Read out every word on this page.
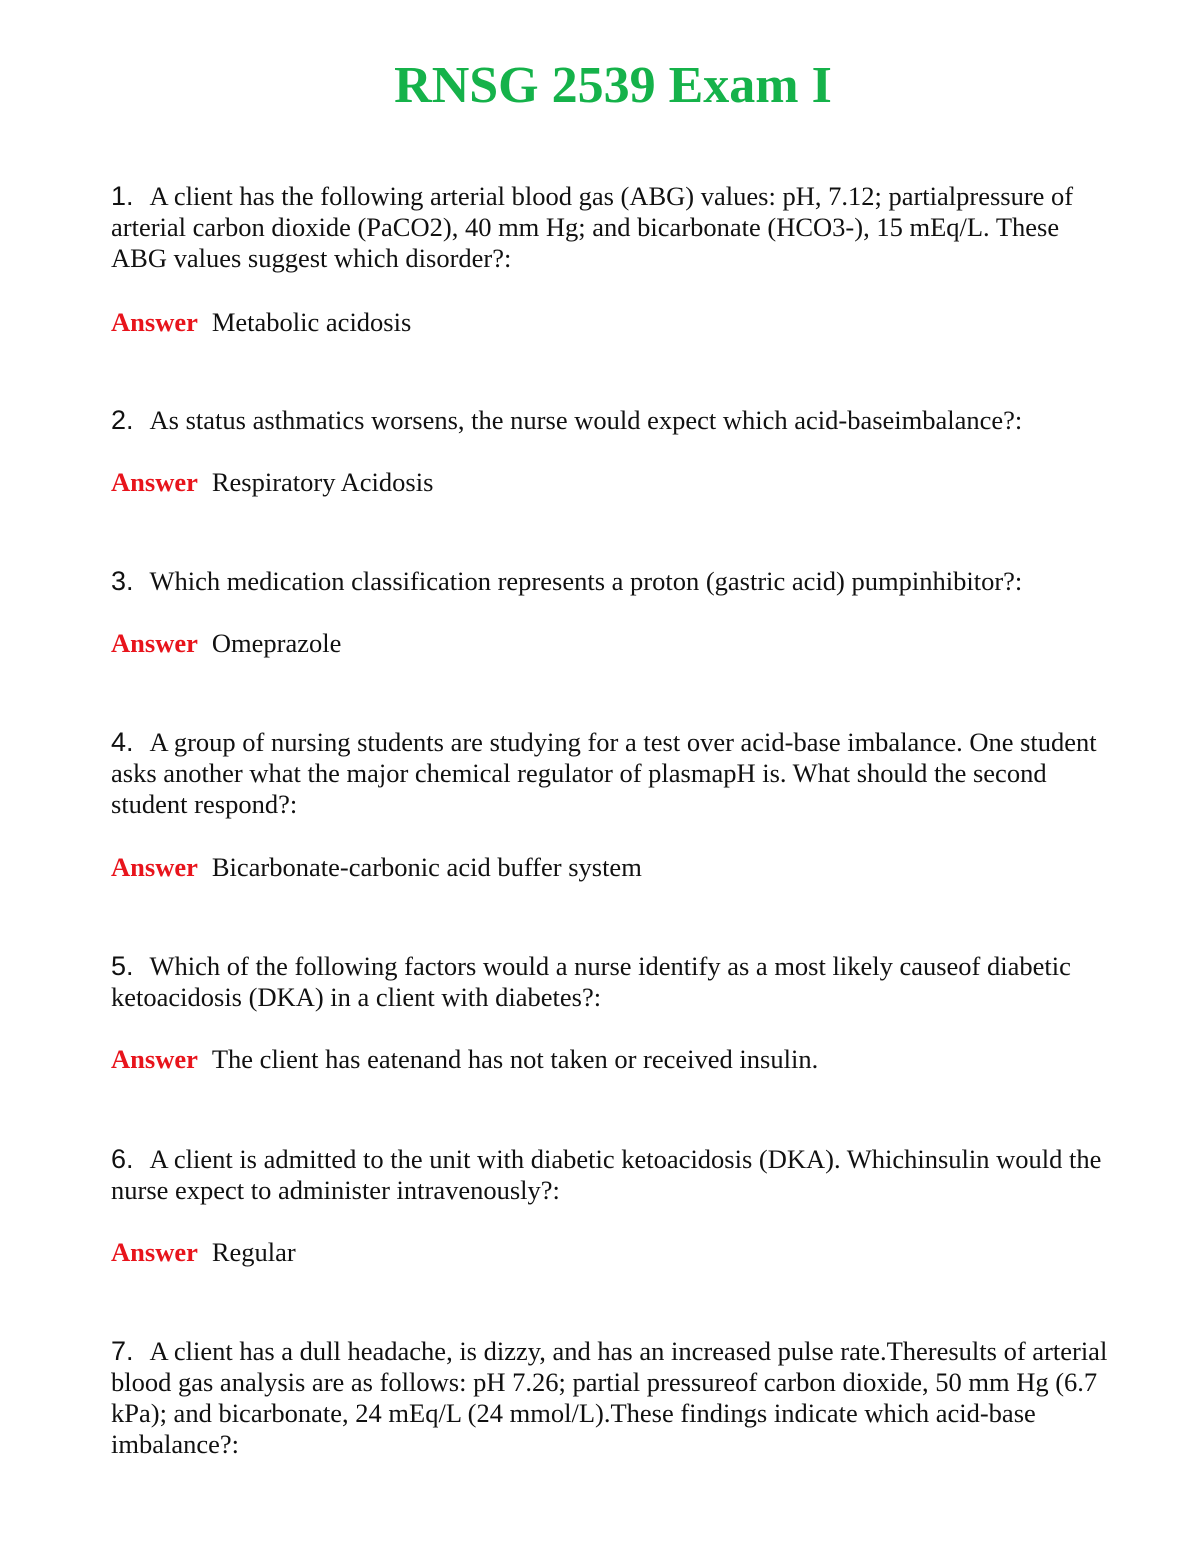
RNSG 2539 Exam I

1. A client has the following arterial blood gas (ABG) values: pH, 7.12; partialpressure of arterial carbon dioxide (PaCO2), 40 mm Hg; and bicarbonate (HCO3-), 15 mEq/L. These ABG values suggest which disorder?:

Answer Metabolic acidosis

2. As status asthmatics worsens, the nurse would expect which acid-baseimbalance?:

Answer Respiratory Acidosis

3. Which medication classification represents a proton (gastric acid) pumpinhibitor?:

Answer Omeprazole

4. A group of nursing students are studying for a test over acid-base imbalance. One student asks another what the major chemical regulator of plasmapH is. What should the second student respond?:

Answer Bicarbonate-carbonic acid buffer system

5. Which of the following factors would a nurse identify as a most likely causeof diabetic ketoacidosis (DKA) in a client with diabetes?:

Answer The client has eatenand has not taken or received insulin.

6. A client is admitted to the unit with diabetic ketoacidosis (DKA). Whichinsulin would the nurse expect to administer intravenously?:

Answer Regular

7. A client has a dull headache, is dizzy, and has an increased pulse rate.Theresults of arterial blood gas analysis are as follows: pH 7.26; partial pressureof carbon dioxide, 50 mm Hg (6.7 kPa); and bicarbonate, 24 mEq/L (24 mmol/L).These findings indicate which acid-base imbalance?:
